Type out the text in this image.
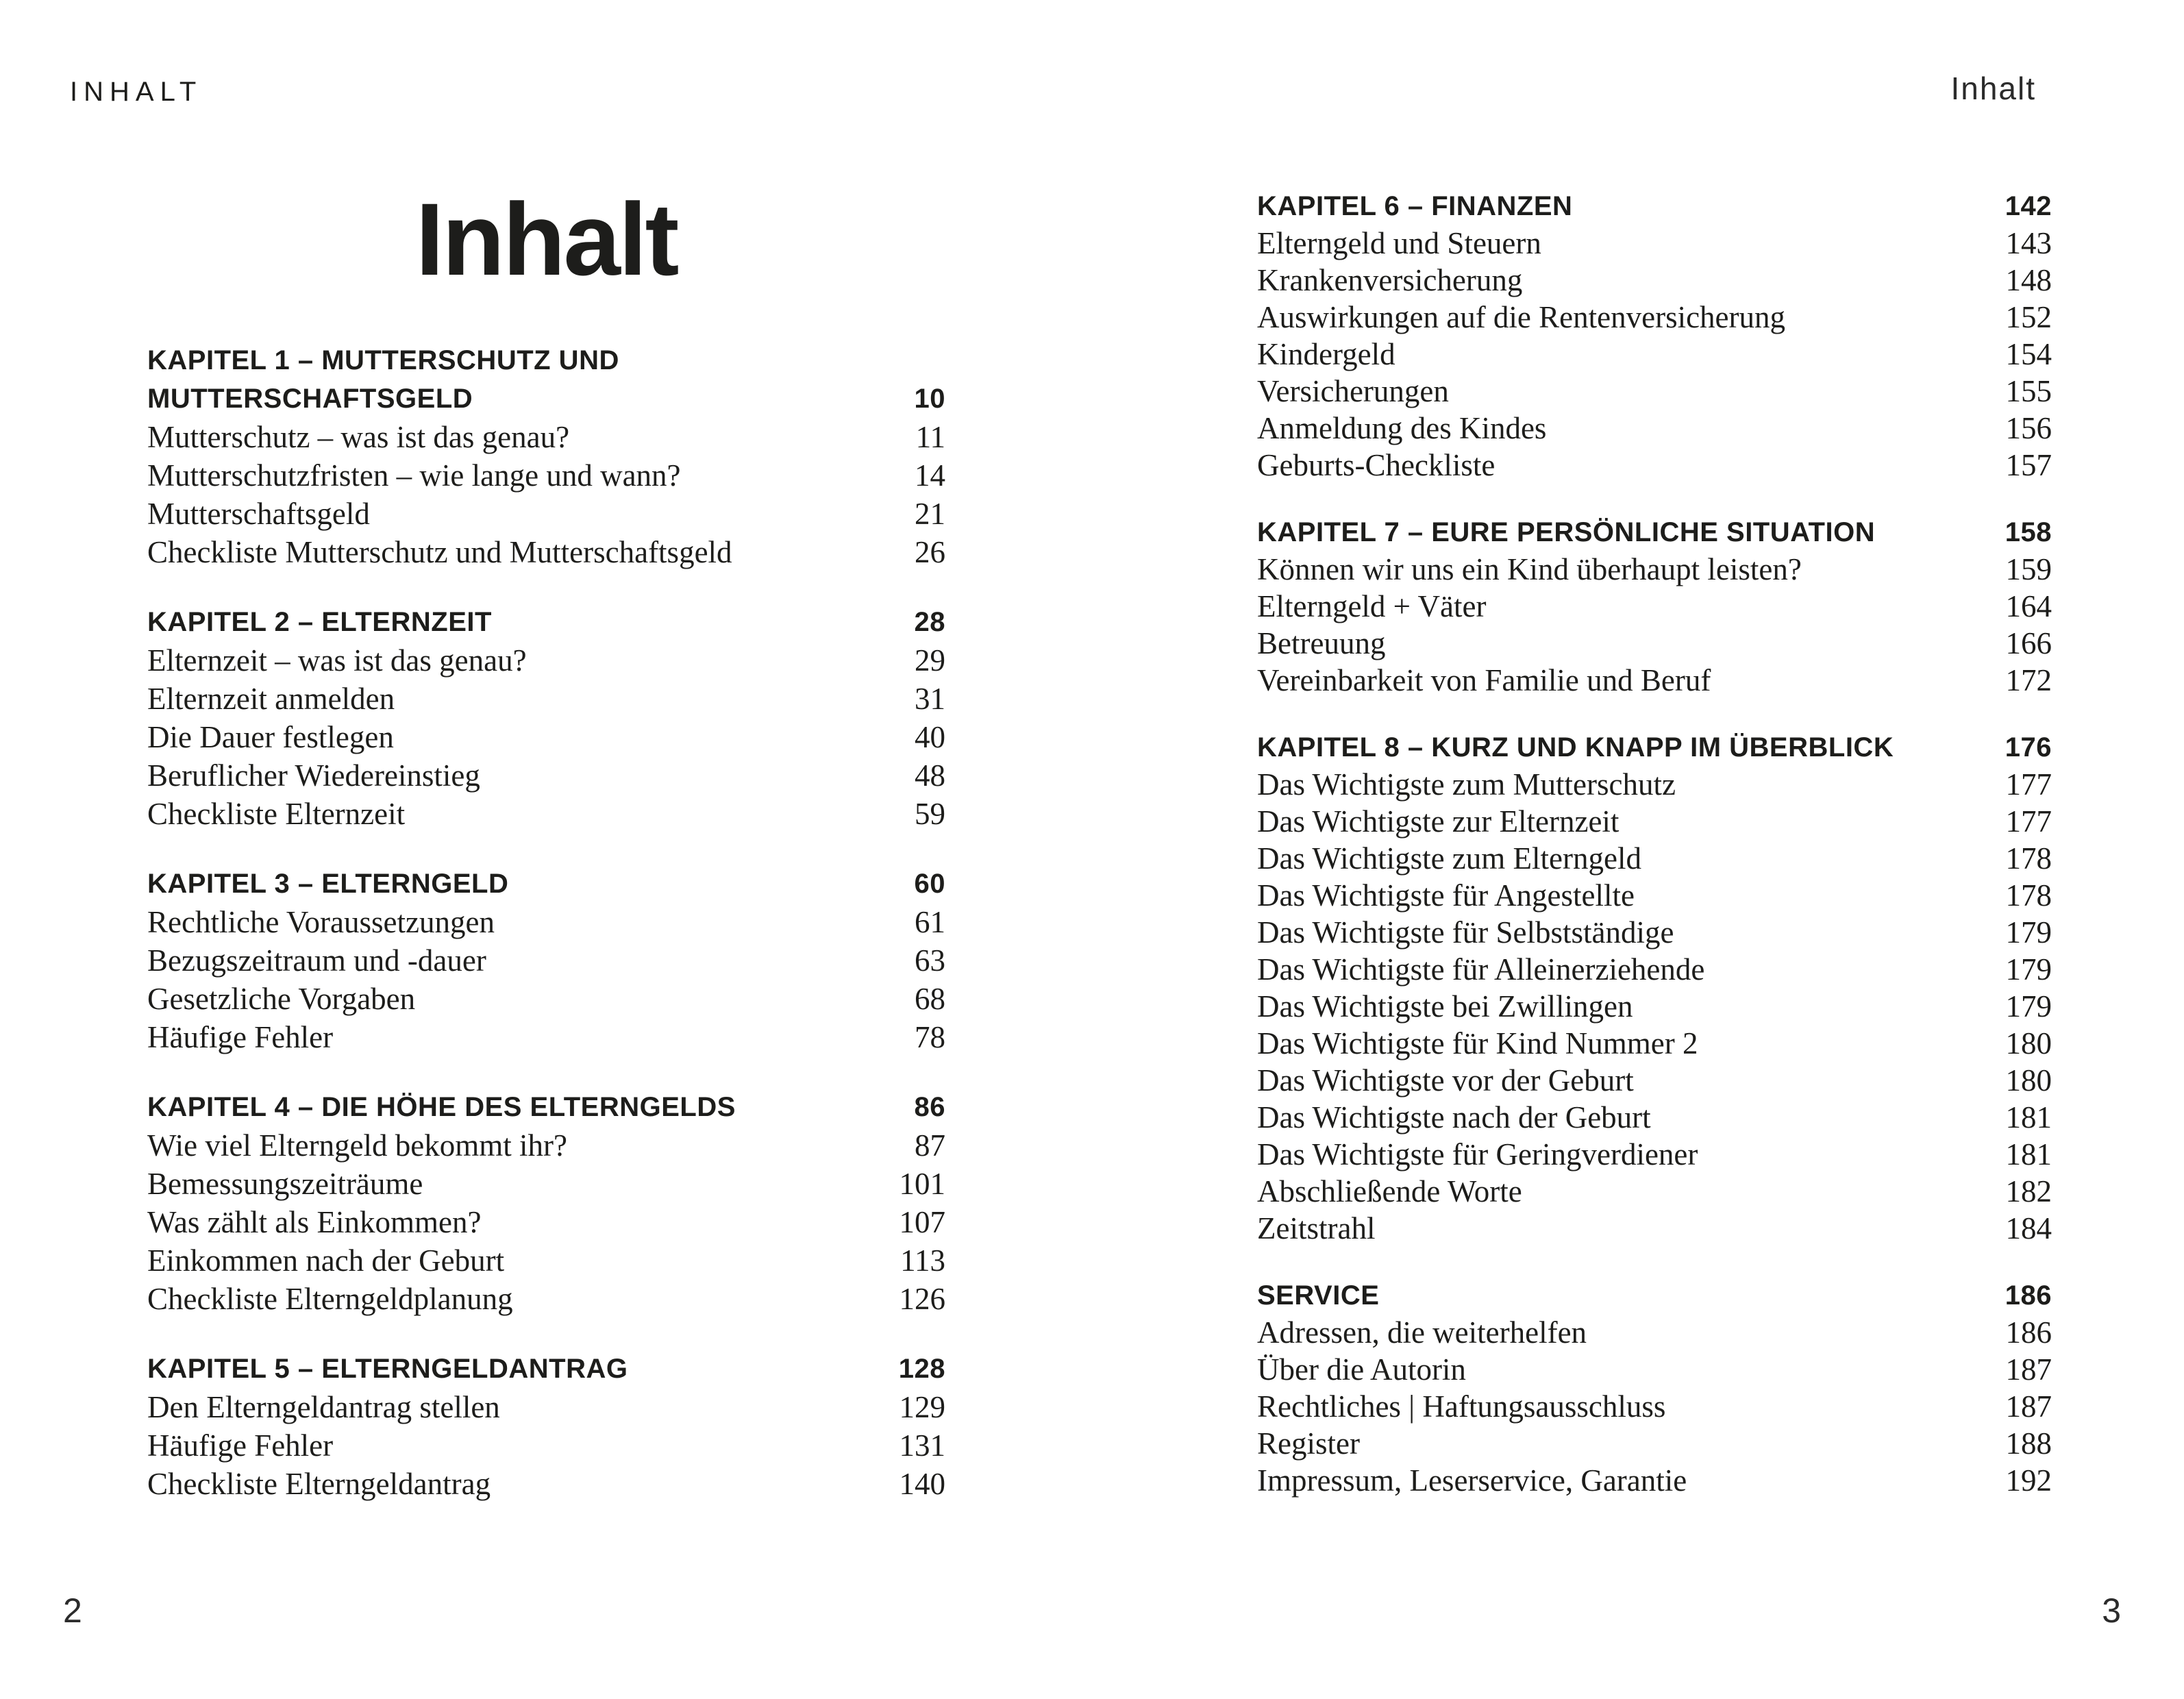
INHALT	Inhalt
Inhalt
KAPITEL 1 – MUTTERSCHUTZ UND
MUTTERSCHAFTSGELD	10
Mutterschutz – was ist das genau?	11
Mutterschutzfristen – wie lange und wann?	14
Mutterschaftsgeld	21
Checkliste Mutterschutz und Mutterschaftsgeld	26
KAPITEL 2 – ELTERNZEIT	28
Elternzeit – was ist das genau?	29
Elternzeit anmelden	31
Die Dauer festlegen	40
Beruflicher Wiedereinstieg	48
Checkliste Elternzeit	59
KAPITEL 3 – ELTERNGELD	60
Rechtliche Voraussetzungen	61
Bezugszeitraum und -dauer	63
Gesetzliche Vorgaben	68
Häufige Fehler	78
KAPITEL 4 – DIE HÖHE DES ELTERNGELDS	86
Wie viel Elterngeld bekommt ihr?	87
Bemessungszeiträume	101
Was zählt als Einkommen?	107
Einkommen nach der Geburt	113
Checkliste Elterngeldplanung	126
KAPITEL 5 – ELTERNGELDANTRAG	128
Den Elterngeldantrag stellen	129
Häufige Fehler	131
Checkliste Elterngeldantrag	140
KAPITEL 6 – FINANZEN	142
Elterngeld und Steuern	143
Krankenversicherung	148
Auswirkungen auf die Rentenversicherung	152
Kindergeld	154
Versicherungen	155
Anmeldung des Kindes	156
Geburts-Checkliste	157
KAPITEL 7 – EURE PERSÖNLICHE SITUATION	158
Können wir uns ein Kind überhaupt leisten?	159
Elterngeld + Väter	164
Betreuung	166
Vereinbarkeit von Familie und Beruf	172
KAPITEL 8 – KURZ UND KNAPP IM ÜBERBLICK	176
Das Wichtigste zum Mutterschutz	177
Das Wichtigste zur Elternzeit	177
Das Wichtigste zum Elterngeld	178
Das Wichtigste für Angestellte	178
Das Wichtigste für Selbstständige	179
Das Wichtigste für Alleinerziehende	179
Das Wichtigste bei Zwillingen	179
Das Wichtigste für Kind Nummer 2	180
Das Wichtigste vor der Geburt	180
Das Wichtigste nach der Geburt	181
Das Wichtigste für Geringverdiener	181
Abschließende Worte	182
Zeitstrahl	184
SERVICE	186
Adressen, die weiterhelfen	186
Über die Autorin	187
Rechtliches | Haftungsausschluss	187
Register	188
Impressum, Leserservice, Garantie	192
2	3
